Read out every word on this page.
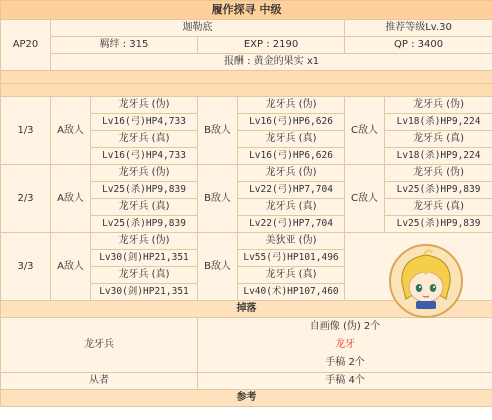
履作探寻 中级						
AP20	迦勒底				推荐等级Lv.30	
	羁绊 : 315		EXP : 2190		QP : 3400	
	报酬 : 黄金的果实 x1					

1/3	A敌人	龙牙兵 (伪)	B敌人	龙牙兵 (伪)	C敌人	龙牙兵 (伪)
		Lv16(弓)HP4,733		Lv16(弓)HP6,626		Lv18(杀)HP9,224
		龙牙兵 (真)		龙牙兵 (真)		龙牙兵 (真)
		Lv16(弓)HP4,733		Lv16(弓)HP6,626		Lv18(杀)HP9,224
2/3	A敌人	龙牙兵 (伪)	B敌人	龙牙兵 (伪)	C敌人	龙牙兵 (伪)
		Lv25(杀)HP9,839		Lv22(弓)HP7,704		Lv25(杀)HP9,839
		龙牙兵 (真)		龙牙兵 (真)		龙牙兵 (真)
		Lv25(杀)HP9,839		Lv22(弓)HP7,704		Lv25(杀)HP9,839
3/3	A敌人	龙牙兵 (伪)	B敌人	美狄亚 (伪)		
		Lv30(剑)HP21,351		Lv55(弓)HP101,496		
		龙牙兵 (真)		龙牙兵 (真)		
		Lv30(剑)HP21,351		Lv40(术)HP107,460		
掉落						
龙牙兵			自画像 (伪) 2个
龙牙
手稿 2个			

从者			手稿 4个			
参考						
